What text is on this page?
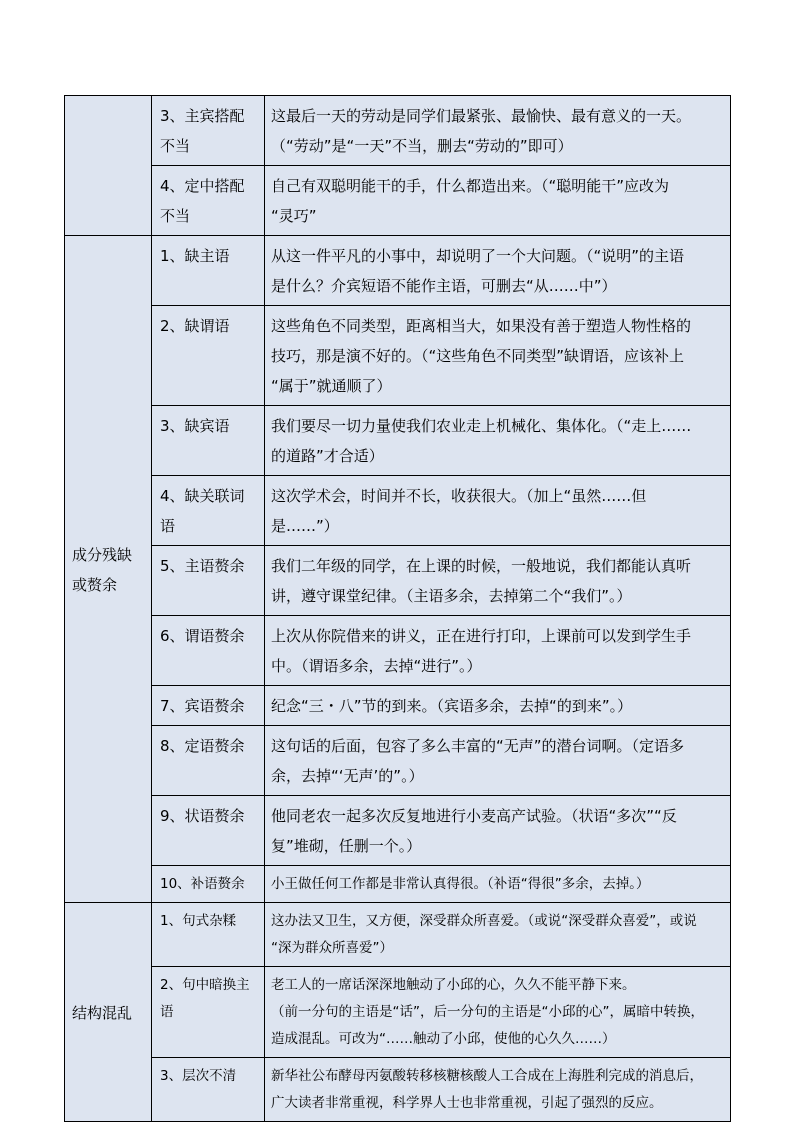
	3、主宾搭配不当	这最后一天的劳动是同学们最紧张、最愉快、最有意义的一天。
（“劳动”是“一天”不当，删去“劳动的”即可）

	4、定中搭配不当	自己有双聪明能干的手，什么都造出来。（“聪明能干”应改为
“灵巧”

成分残缺或赘余	1、缺主语	从这一件平凡的小事中，却说明了一个大问题。（“说明”的主语
是什么？介宾短语不能作主语，可删去“从……中”）

	2、缺谓语	这些角色不同类型，距离相当大，如果没有善于塑造人物性格的
技巧，那是演不好的。（“这些角色不同类型”缺谓语，应该补上
“属于”就通顺了）

	3、缺宾语	我们要尽一切力量使我们农业走上机械化、集体化。（“走上……
的道路”才合适）

	4、缺关联词语	这次学术会，时间并不长，收获很大。（加上“虽然……但
是……”）

	5、主语赘余	我们二年级的同学，在上课的时候，一般地说，我们都能认真听
讲，遵守课堂纪律。（主语多余，去掉第二个“我们”。）

	6、谓语赘余	上次从你院借来的讲义，正在进行打印，上课前可以发到学生手
中。（谓语多余，去掉“进行”。）

	7、宾语赘余	纪念“三・八”节的到来。（宾语多余，去掉“的到来”。）

	8、定语赘余	这句话的后面，包容了多么丰富的“无声”的潜台词啊。（定语多
余，去掉“‘无声’的”。）

	9、状语赘余	他同老农一起多次反复地进行小麦高产试验。（状语“多次”“反
复”堆砌，任删一个。）

	10、补语赘余	小王做任何工作都是非常认真得很。（补语“得很”多余，去掉。）

结构混乱	1、句式杂糅	这办法又卫生，又方便，深受群众所喜爱。（或说“深受群众喜爱”，或说
“深为群众所喜爱”）

	2、句中暗换主语	老工人的一席话深深地触动了小邱的心，久久不能平静下来。
（前一分句的主语是“话”，后一分句的主语是“小邱的心”，属暗中转换，
造成混乱。可改为“……触动了小邱，使他的心久久……）

	3、层次不清	新华社公布酵母丙氨酸转移核糖核酸人工合成在上海胜利完成的消息后，
广大读者非常重视，科学界人士也非常重视，引起了强烈的反应。
